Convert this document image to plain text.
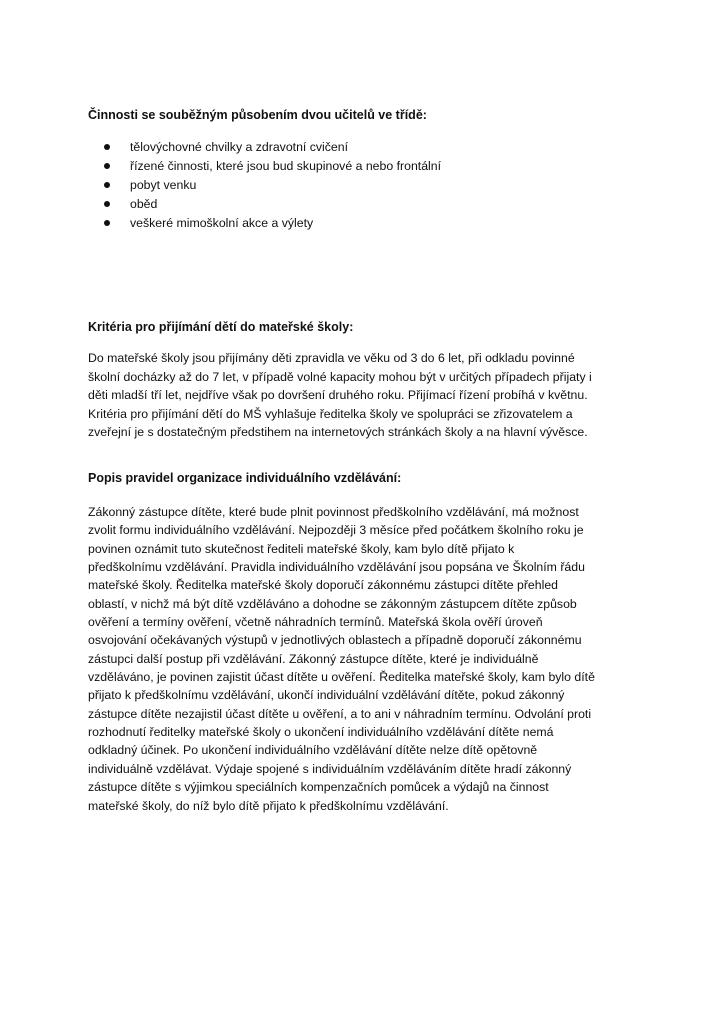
Činnosti se souběžným působením dvou učitelů ve třídě:
tělovýchovné chvilky a zdravotní cvičení
řízené činnosti, které jsou bud skupinové a nebo frontální
pobyt venku
oběd
veškeré mimoškolní akce a výlety
Kritéria pro přijímání dětí do mateřské školy:

Do mateřské školy jsou přijímány děti zpravidla ve věku od 3 do 6 let, při odkladu povinné
školní docházky až do 7 let, v případě volné kapacity mohou být v určitých případech přijaty i
děti mladší tří let, nejdříve však po dovršení druhého roku. Přijímací řízení probíhá v květnu.
Kritéria pro přijímání dětí do MŠ vyhlašuje ředitelka školy ve spolupráci se zřizovatelem a
zveřejní je s dostatečným předstihem na internetových stránkách školy a na hlavní vývěsce.

Popis pravidel organizace individuálního vzdělávání:

Zákonný zástupce dítěte, které bude plnit povinnost předškolního vzdělávání, má možnost
zvolit formu individuálního vzdělávání. Nejpozději 3 měsíce před počátkem školního roku je
povinen oznámit tuto skutečnost řediteli mateřské školy, kam bylo dítě přijato k
předškolnímu vzdělávání. Pravidla individuálního vzdělávání jsou popsána ve Školním řádu
mateřské školy. Ředitelka mateřské školy doporučí zákonnému zástupci dítěte přehled
oblastí, v nichž má být dítě vzděláváno a dohodne se zákonným zástupcem dítěte způsob
ověření a termíny ověření, včetně náhradních termínů. Mateřská škola ověří úroveň
osvojování očekávaných výstupů v jednotlivých oblastech a případně doporučí zákonnému
zástupci další postup při vzdělávání. Zákonný zástupce dítěte, které je individuálně
vzděláváno, je povinen zajistit účast dítěte u ověření. Ředitelka mateřské školy, kam bylo dítě
přijato k předškolnímu vzdělávání, ukončí individuální vzdělávání dítěte, pokud zákonný
zástupce dítěte nezajistil účast dítěte u ověření, a to ani v náhradním termínu. Odvolání proti
rozhodnutí ředitelky mateřské školy o ukončení individuálního vzdělávání dítěte nemá
odkladný účinek. Po ukončení individuálního vzdělávání dítěte nelze dítě opětovně
individuálně vzdělávat. Výdaje spojené s individuálním vzděláváním dítěte hradí zákonný
zástupce dítěte s výjimkou speciálních kompenzačních pomůcek a výdajů na činnost
mateřské školy, do níž bylo dítě přijato k předškolnímu vzdělávání.
